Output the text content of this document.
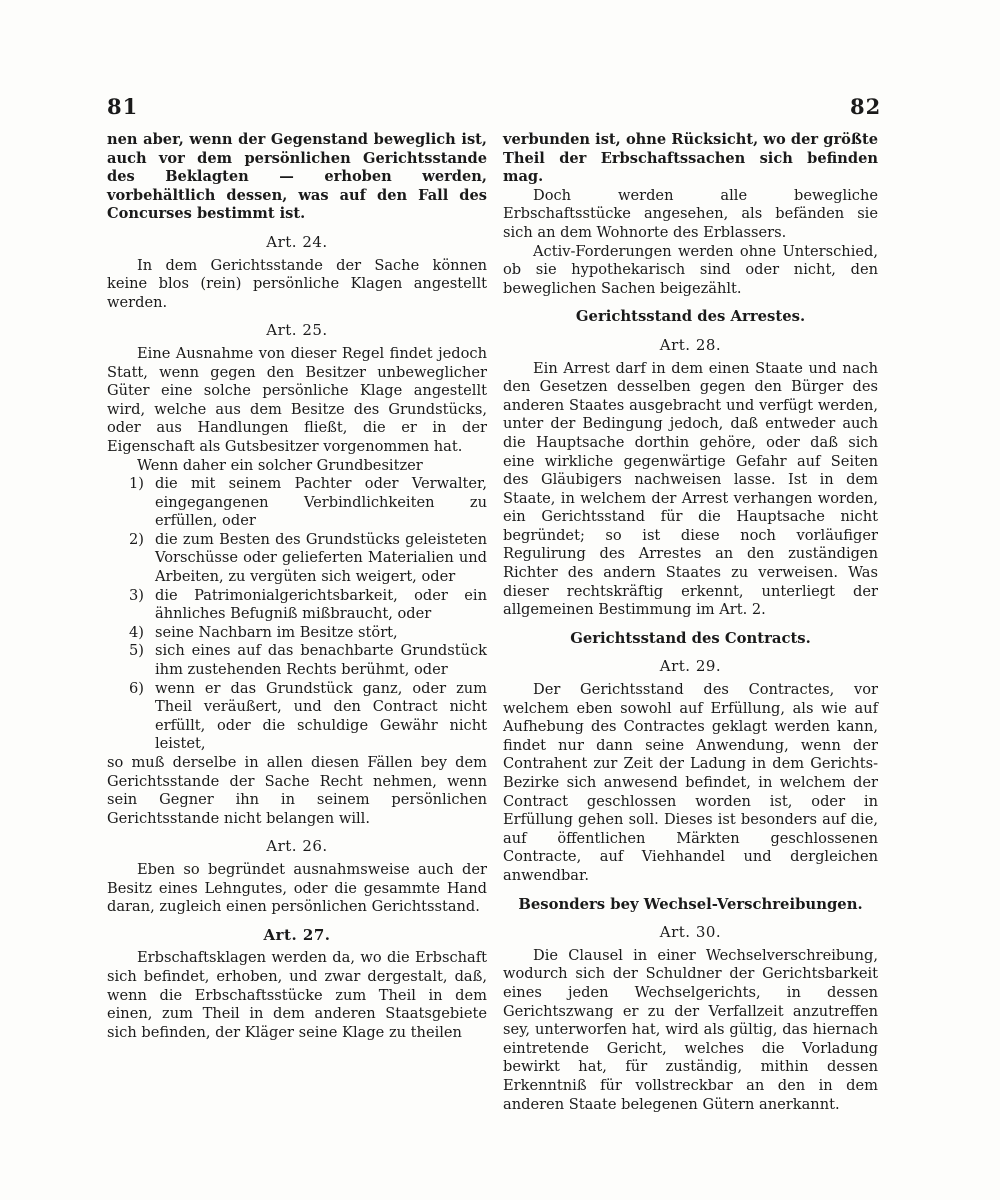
81	82

nen aber, wenn der Gegenstand beweglich ist, auch vor dem persönlichen Gerichtsstande des Beklagten — erhoben werden, vorbehältlich dessen, was auf den Fall des Concurses bestimmt ist.

Art. 24.

In dem Gerichtsstande der Sache können keine blos (rein) persönliche Klagen angestellt werden.

Art. 25.

Eine Ausnahme von dieser Regel findet jedoch Statt, wenn gegen den Besitzer unbeweglicher Güter eine solche persönliche Klage angestellt wird, welche aus dem Besitze des Grundstücks, oder aus Handlungen fließt, die er in der Eigenschaft als Gutsbesitzer vorgenommen hat.

Wenn daher ein solcher Grundbesitzer

1) die mit seinem Pachter oder Verwalter, eingegangenen Verbindlichkeiten zu erfüllen, oder
2) die zum Besten des Grundstücks geleisteten Vorschüsse oder gelieferten Materialien und Arbeiten, zu vergüten sich weigert, oder
3) die Patrimonialgerichtsbarkeit, oder ein ähnliches Befugniß mißbraucht, oder
4) seine Nachbarn im Besitze stört,
5) sich eines auf das benachbarte Grundstück ihm zustehenden Rechts berühmt, oder
6) wenn er das Grundstück ganz, oder zum Theil veräußert, und den Contract nicht erfüllt, oder die schuldige Gewähr nicht leistet,

so muß derselbe in allen diesen Fällen bey dem Gerichtsstande der Sache Recht nehmen, wenn sein Gegner ihn in seinem persönlichen Gerichtsstande nicht belangen will.

Art. 26.

Eben so begründet ausnahmsweise auch der Besitz eines Lehngutes, oder die gesammte Hand daran, zugleich einen persönlichen Gerichtsstand.

Art. 27.

Erbschaftsklagen werden da, wo die Erbschaft sich befindet, erhoben, und zwar dergestalt, daß, wenn die Erbschaftsstücke zum Theil in dem einen, zum Theil in dem anderen Staatsgebiete sich befinden, der Kläger seine Klage zu theilen

verbunden ist, ohne Rücksicht, wo der größte Theil der Erbschaftssachen sich befinden mag.

Doch werden alle bewegliche Erbschaftsstücke angesehen, als befänden sie sich an dem Wohnorte des Erblassers.

Activ-Forderungen werden ohne Unterschied, ob sie hypothekarisch sind oder nicht, den beweglichen Sachen beigezählt.

Gerichtsstand des Arrestes.
Art. 28.

Ein Arrest darf in dem einen Staate und nach den Gesetzen desselben gegen den Bürger des anderen Staates ausgebracht und verfügt werden, unter der Bedingung jedoch, daß entweder auch die Hauptsache dorthin gehöre, oder daß sich eine wirkliche gegenwärtige Gefahr auf Seiten des Gläubigers nachweisen lasse. Ist in dem Staate, in welchem der Arrest verhangen worden, ein Gerichtsstand für die Hauptsache nicht begründet; so ist diese noch vorläufiger Regulirung des Arrestes an den zuständigen Richter des andern Staates zu verweisen. Was dieser rechtskräftig erkennt, unterliegt der allgemeinen Bestimmung im Art. 2.

Gerichtsstand des Contracts.
Art. 29.

Der Gerichtsstand des Contractes, vor welchem eben sowohl auf Erfüllung, als wie auf Aufhebung des Contractes geklagt werden kann, findet nur dann seine Anwendung, wenn der Contrahent zur Zeit der Ladung in dem Gerichts-Bezirke sich anwesend befindet, in welchem der Contract geschlossen worden ist, oder in Erfüllung gehen soll. Dieses ist besonders auf die, auf öffentlichen Märkten geschlossenen Contracte, auf Viehhandel und dergleichen anwendbar.

Besonders bey Wechsel-Verschreibungen.
Art. 30.

Die Clausel in einer Wechselverschreibung, wodurch sich der Schuldner der Gerichtsbarkeit eines jeden Wechselgerichts, in dessen Gerichtszwang er zu der Verfallzeit anzutreffen sey, unterworfen hat, wird als gültig, das hiernach eintretende Gericht, welches die Vorladung bewirkt hat, für zuständig, mithin dessen Erkenntniß für vollstreckbar an den in dem anderen Staate belegenen Gütern anerkannt.
